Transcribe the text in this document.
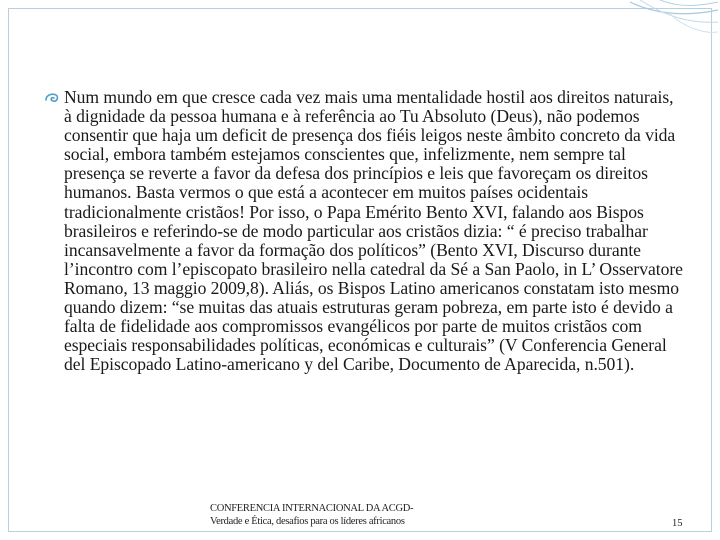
Num mundo em que cresce cada vez mais uma mentalidade hostil aos direitos naturais, à dignidade da pessoa humana e à referência ao Tu Absoluto (Deus), não podemos consentir que haja um deficit de presença dos fiéis leigos neste âmbito concreto da vida social, embora também estejamos conscientes que, infelizmente, nem sempre tal presença se reverte a favor da defesa dos princípios e leis que favoreçam os direitos humanos. Basta vermos o que está a acontecer em muitos países ocidentais tradicionalmente cristãos! Por isso, o Papa Emérito Bento XVI, falando aos Bispos brasileiros e referindo-se de modo particular aos cristãos dizia: “ é preciso trabalhar incansavelmente a favor da formação dos políticos” (Bento XVI, Discurso durante l’incontro com l’episcopato brasileiro nella catedral da Sé a San Paolo, in L’ Osservatore Romano, 13 maggio 2009,8). Aliás, os Bispos Latino americanos constatam isto mesmo quando dizem: “se muitas das atuais estruturas geram pobreza, em parte isto é devido a falta de fidelidade aos compromissos evangélicos por parte de muitos cristãos com especiais responsabilidades políticas, económicas e culturais” (V Conferencia General del Episcopado Latino-americano y del Caribe, Documento de Aparecida, n.501).
CONFERENCIA INTERNACIONAL DA ACGD-
Verdade e Ética, desafios para os líderes africanos	15
